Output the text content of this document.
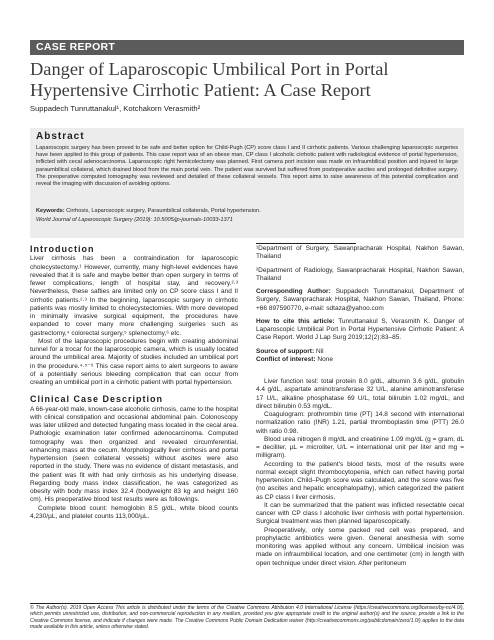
CASE REPORT
Danger of Laparoscopic Umbilical Port in Portal Hypertensive Cirrhotic Patient: A Case Report
Suppadech Tunruttanakul¹, Kotchakorn Verasmith²
Abstract
Laparoscopic surgery has been proved to be safe and better option for Child-Pugh (CP) score class I and II cirrhotic patients. Various challenging laparoscopic surgeries have been applied to this group of patients. This case report was of an obese man, CP class I alcoholic cirrhotic patient with radiological evidence of portal hypertension, inflicted with cecal adenocarcinoma. Laparoscopic right hemicolectomy was planned. First camera port incision was made on infraumbilical position and injured to large paraumbilical collateral, which drained blood from the main portal vein. The patient was survived but suffered from postoperative ascites and prolonged definitive surgery. The preoperative computed tomography was reviewed and detailed of these collateral vessels. This report aims to raise awareness of this potential complication and reveal the imaging with discussion of avoiding options.
Keywords: Cirrhosis, Laparoscopic surgery, Paraumbilical collaterals, Portal hypertension.
World Journal of Laparoscopic Surgery (2019): 10.5005/jp-journals-10033-1371
Introduction

Liver cirrhosis has been a contraindication for laparoscopic cholecystectomy.¹ However, currently, many high-level evidences have revealed that it is safe and maybe better than open surgery in terms of fewer complications, length of hospital stay, and recovery.²·³ Nevertheless, these safties are limited only on CP score class I and II cirrhotic patients.²·³ In the beginning, laparoscopic surgery in cirrhotic patients was mostly limited to cholecystectomies. With more developed in minimally invasive surgical equipment, the procedures have expanded to cover many more challenging surgeries such as gastrectomy,⁴ colorectal surgery,⁵ splenectomy,⁶ etc.

Most of the laparoscopic procedures begin with creating abdominal tunnel for a trocar for the laparoscopic camera, which is usually located around the umbilical area. Majority of studies included an umbilical port in the procedure.⁴·⁵⁻⁹ This case report aims to alert surgeons to aware of a potentially serious bleeding complication that can occur from creating an umbilical port in a cirrhotic patient with portal hypertension.

Clinical Case Description

A 66-year-old male, known-case alcoholic cirrhosis, came to the hospital with clinical constipation and occasional abdominal pain. Colonoscopy was later utilized and detected fungating mass located in the cecal area. Pathologic examination later confirmed adenocarcinoma. Computed tomography was then organized and revealed circumferential, enhancing mass at the cecum. Morphologically liver cirrhosis and portal hypertension (seen collateral vessels) without ascites were also reported in the study. There was no evidence of distant metastasis, and the patient was fit with had only cirrhosis as his underlying disease. Regarding body mass index classification, he was categorized as obesity with body mass index 32.4 (bodyweight 83 kg and height 160 cm). His preoperative blood test results were as followings.

Complete blood count: hemoglobin 8.5 g/dL, white blood counts 4,230/µL, and platelet counts 113,000/µL.

¹Department of Surgery, Sawanpracharak Hospital, Nakhon Sawan, Thailand

²Department of Radiology, Sawanpracharak Hospital, Nakhon Sawan, Thailand

Corresponding Author: Suppadech Tunruttanakul, Department of Surgery, Sawanpracharak Hospital, Nakhon Sawan, Thailand, Phone: +66 897590770, e-mail: sdtaza@yahoo.com

How to cite this article: Tunruttanakul S, Verasmith K. Danger of Laparoscopic Umbilical Port in Portal Hypertensive Cirrhotic Patient: A Case Report. World J Lap Surg 2019;12(2):83–85.

Source of support: Nil

Conflict of interest: None

Liver function test: total protein 8.0 g/dL, albumin 3.6 g/dL, globulin 4.4 g/dL, aspartate aminotransferase 32 U/L, alanine aminotransferase 17 U/L, alkaline phosphatase 69 U/L, total bilirubin 1.02 mg/dL, and direct bilirubin 0.53 mg/dL.

Coagulogram: prothrombin time (PT) 14.8 second with international normalization ratio (INR) 1.21, partial thromboplastin time (PTT) 26.0 with ratio 0.98.

Blood urea nitrogen 8 mg/dL and creatinine 1.09 mg/dL (g = gram, dL = deciliter, µL = microliter, U/L = international unit per liter and mg = milligram).

According to the patient's blood tests, most of the results were normal except slight thrombocytopenia, which can reflect having portal hypertension. Child–Pugh score was calculated, and the score was five (no ascites and hepatic encephalopathy), which categorized the patient as CP class I liver cirrhosis.

It can be summarized that the patient was inflicted resectable cecal cancer with CP class I alcoholic liver cirrhosis with portal hypertension. Surgical treatment was then planned laparoscopically.

Preoperatively, only some packed red cell was prepared, and prophylactic antibiotics were given. General anesthesia with some monitoring was applied without any concern. Umbilical incision was made on infraumbilical location, and one centimeter (cm) in length with open technique under direct vision. After peritoneum

© The Author(s). 2019 Open Access This article is distributed under the terms of the Creative Commons Attribution 4.0 International License (https://creativecommons.org/licenses/by-nc/4.0/), which permits unrestricted use, distribution, and non-commercial reproduction in any medium, provided you give appropriate credit to the original author(s) and the source, provide a link to the Creative Commons license, and indicate if changes were made. The Creative Commons Public Domain Dedication waiver (http://creativecommons.org/publicdomain/zero/1.0/) applies to the data made available in this article, unless otherwise stated.
